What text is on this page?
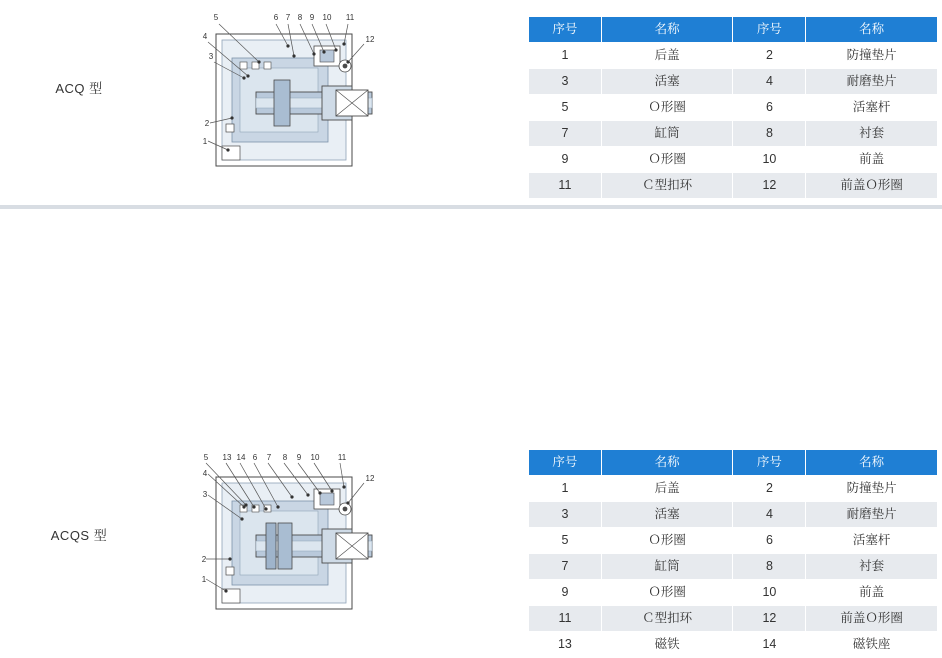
ACQ 型
5
4
3
2
1
6 7 8 9 10 11
12
序号	名称	序号	名称
1	后盖	2	防撞垫片
3	活塞	4	耐磨垫片
5	Ｏ形圈	6	活塞杆
7	缸筒	8	衬套
9	Ｏ形圈	10	前盖
11	Ｃ型扣环	12	前盖Ｏ形圈
ACQS 型
5 13 14 6 7 8 9 10 11
12
4
3
2
1
序号	名称	序号	名称
1	后盖	2	防撞垫片
3	活塞	4	耐磨垫片
5	Ｏ形圈	6	活塞杆
7	缸筒	8	衬套
9	Ｏ形圈	10	前盖
11	Ｃ型扣环	12	前盖Ｏ形圈
13	磁铁	14	磁铁座
